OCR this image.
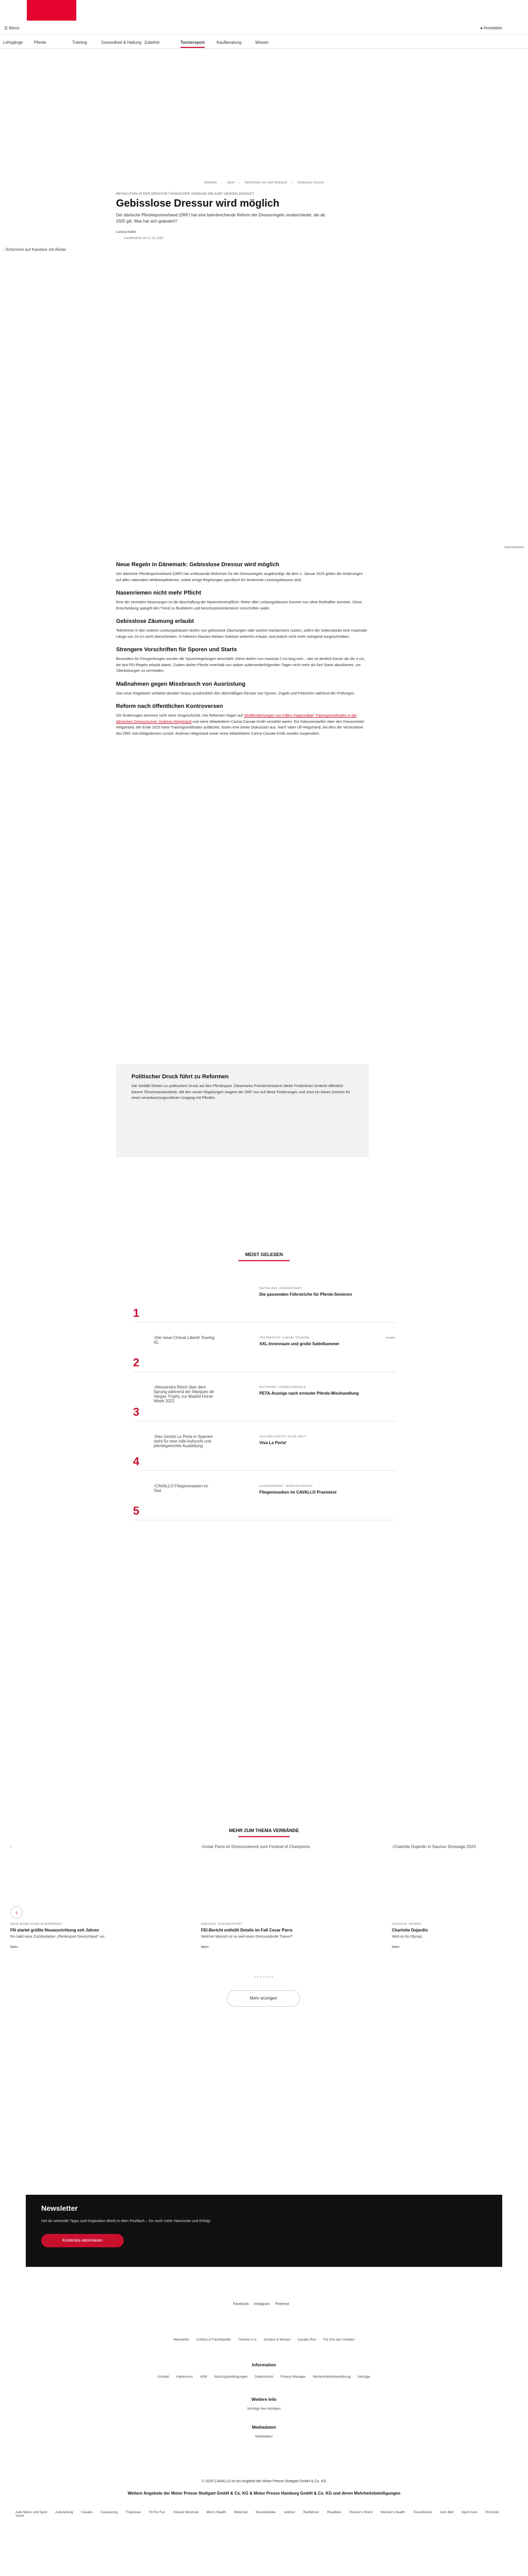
☰ Menü	● Anmelden
Lehrgänge	Pferde	Training	Gesundheit & Haltung Zubehör	Turniersport	Kaufberatung	Wissen
Startseite › Sport › Nachrichten aus dem Reitsport › Gebisslose Dressur
REVOLUTION IN DER DRESSUR? DÄNISCHER VERBAND ERLAUBT GEBISSLOSIGKEIT
Gebisslose Dressur wird möglich
Der dänische Pferdesportverband (DRF) hat eine bahnbrechende Reform der Dressurregeln verabschiedet, die ab 2025 gilt. Was hat sich geändert?
Lorena Keller
Veröffentlicht am 21.01.2025
▫ Schimmel auf Kandare mit Reiter
Advertisement
Neue Regeln in Dänemark: Gebisslose Dressur wird möglich

Der dänische Pferdesportverband (DRF) hat umfassende Reformen für die Dressurregeln angekündigt. Ab dem 1. Januar 2025 gelten die Änderungen auf allen nationalen Wettkampfebenen, wobei einige Regelungen spezifisch für bestimmte Leistungsklassen sind.

Nasenriemen nicht mehr Pflicht

Eine der zentralen Neuerungen ist die Abschaffung der Nasenriemenpflicht. Reiter aller Leistungsklassen können nun ohne Reithalfter antreten. Diese Entscheidung spiegelt den Trend zu flexibleren und tierschutzorientierteren Vorschriften wider.

Gebisslose Zäumung erlaubt

Teilnehmer in den unteren Leistungsklassen dürfen nun gebisslose Zäumungen oder weiche Hackamores nutzen, sofern die Seitenstücke eine maximale Länge von 16 cm nicht überschreiten. In höheren Klassen bleiben Gebisse weiterhin erlaubt, sind jedoch nicht mehr zwingend vorgeschrieben.

Strengere Vorschriften für Sporen und Starts

Besonders für Ponyprüfungen wurden die Sporenregelungen verschärft. Diese dürfen nun maximal 2 cm lang sein – das ist deutlich kürzer als die 4 cm, die laut FEI-Regeln erlaubt wären. Zudem dürfen Pferde innerhalb von sieben aufeinanderfolgenden Tagen nicht mehr als fünf Starts absolvieren, um Überlastungen zu vermeiden.

Maßnahmen gegen Missbrauch von Ausrüstung

Das neue Regelwerk verbietet darüber hinaus ausdrücklich den übermäßigen Einsatz von Sporen, Zügeln und Peitschen während der Prüfungen.

Reform nach öffentlichen Kontroversen

Die Änderungen kommen nicht ohne Vorgeschichte. Die Reformen folgen auf Veröffentlichungen von Fällen fragwürdiger Trainingsmethoden in der dänischen Dressurszene: Andreas Helgstrand und seine Mitarbeiterin Carina Cassøe Krüth verstärkt waren. Ein Dokumentarfilm über den Dressurreiter Helgstrand, der Ende 2023 harte Trainingsmethoden aufdeckte, lösten eine breite Diskussion aus. Nach Vater Ulf Helgstrand, bei dem der Verstorbene des DRF, trat infolgedessen zurück. Andreas Helgstrand sowie seine Mitarbeiterin Carina Cassøe Krüth wurden suspendiert.

Politischer Druck führt zu Reformen

Die Vorfälle führten zu politischem Druck auf den Pferdesport. Dänemarks Premierministerin Mette Frederiksen forderte öffentlich klarere Tierschutzstandards. Mit den neuen Regelungen reagiert der DRF nun auf diese Forderungen und setzt ein klares Zeichen für einen verantwortungsvolleren Umgang mit Pferden.

MEIST GELESEN
1
REITER AUS LEIDENSCHAFT
Die passenden Führstriche für Pferde-Senioren
2
▫Der neue Cheval Liberté Touring XL
TESTBERICHT: CHEVAL TOURING	cavallo+
XXL-Innenraum und große Sattelkammer
3
▫Alessandra Reich über dem Sprung während der Marques de Vargas Trophy zur Madrid Horse Week 2022
REITSPORT: VERBOTSREGELN
PETA-Anzeige nach erneuter Pferde-Misshandlung
4
▫Das Gestüt La Perla in Spanien steht für eine tolle Aufzucht und pferdegerechte Ausbildung.
AUS DEM GESTÜT IN DIE WELT
Viva La Perla!
5
▫CAVALLO Fliegenmasken im Test
FLIEGENMASKE: VERGLEICHSTEST
Fliegenmasken im CAVALLO Praxistest
MEHR ZUM THEMA VERBÄNDE
▫
NEUE AUSBILDUNG IN NÜRNBERG
FN startet größte Neuausrichtung seit Jahren
Ein bald neue Zuchtinitiative „Pferdesport Deutschland“ vor
Mehr
▫Cesar Parra im Dressurviereck zum Festival of Champions
DRESSUR: DOKUMENTIERT
FEI-Bericht enthüllt Details im Fall Cesar Parra
Welcher Mensch ist so weit einen Dressurpferde Trainer?
Mehr
▫Charlotte Dujardin in Saumur Dressage 2023
DRESSUR: SPERRE
Charlotte Dujardin
Wird es für Olympi...
Mehr
‹
●●●●●●●
Mehr anzeigen
Newsletter

Hol dir wertvolle Tipps und Inspiration direkt in dein Postfach – für noch mehr Harmonie und Erfolg!

Kostenlos abonnieren
Facebook Instagram Pinterest
Newsletter CAVALLO Fachhändler Themen A-Z Sortiere & Wissen Cavallo Plus Für Ihre das Geräten
Information
Kontakt Impressum AGB Nutzungsbedingungen Datenschutz Privacy Manager Barrierefreiheitserklärung Verträge
Weitere Info
Verträge hier kündigen
Mediadaten
Mediadaten
© 2025 CAVALLO ist ein Angebot der Motor Presse Stuttgart GmbH & Co. KG
Weitere Angebote der Motor Presse Stuttgart GmbH & Co. KG & Motor Presse Hamburg GmbH & Co. KG und deren Mehrheitsbeteiligungen
Auto Motor und Sport Autozeitung Cavallo Caravaning Flugrevue Fit For Fun Klassik Motorrad Men's Health Motorrad Mountainbike outdoor Radfahren Roadbike Runner's World Women's Health Tourenfahrer Auto Bild Sport Auto Promobil Yacht
